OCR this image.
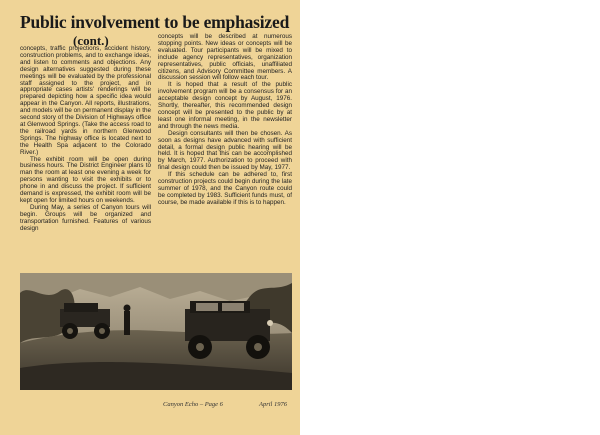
Public involvement to be emphasized
(cont.)

concepts, traffic projections, accident history, construction problems, and to exchange ideas, and listen to comments and objections. Any design alternatives suggested during these meetings will be evaluated by the professional staff assigned to the project, and in appropriate cases artists' renderings will be prepared depicting how a specific idea would appear in the Canyon. All reports, illustrations, and models will be on permanent display in the second story of the Division of Highways office at Glenwood Springs. (Take the access road to the railroad yards in northern Glenwood Springs. The highway office is located next to the Health Spa adjacent to the Colorado River.)

The exhibit room will be open during business hours. The District Engineer plans to man the room at least one evening a week for persons wanting to visit the exhibits or to phone in and discuss the project. If sufficient demand is expressed, the exhibit room will be kept open for limited hours on weekends.

During May, a series of Canyon tours will begin. Groups will be organized and transportation furnished. Features of various design

concepts will be described at numerous stopping points. New ideas or concepts will be evaluated. Tour participants will be mixed to include agency representatives, organization representatives, public officials, unaffiliated citizens, and Advisory Committee members. A discussion session will follow each tour.

It is hoped that a result of the public involvement program will be a consensus for an acceptable design concept by August, 1976. Shortly, thereafter, this recommended design concept will be presented to the public by at least one informal meeting, in the newsletter and through the news media.

Design consultants will then be chosen. As soon as designs have advanced with sufficient detail, a formal design public hearing will be held. It is hoped that this can be accomplished by March, 1977. Authorization to proceed with final design could then be issued by May, 1977.

If this schedule can be adhered to, first construction projects could begin during the late summer of 1978, and the Canyon route could be completed by 1983. Sufficient funds must, of course, be made available if this is to happen.

Canyon Echo – Page 6	April 1976
